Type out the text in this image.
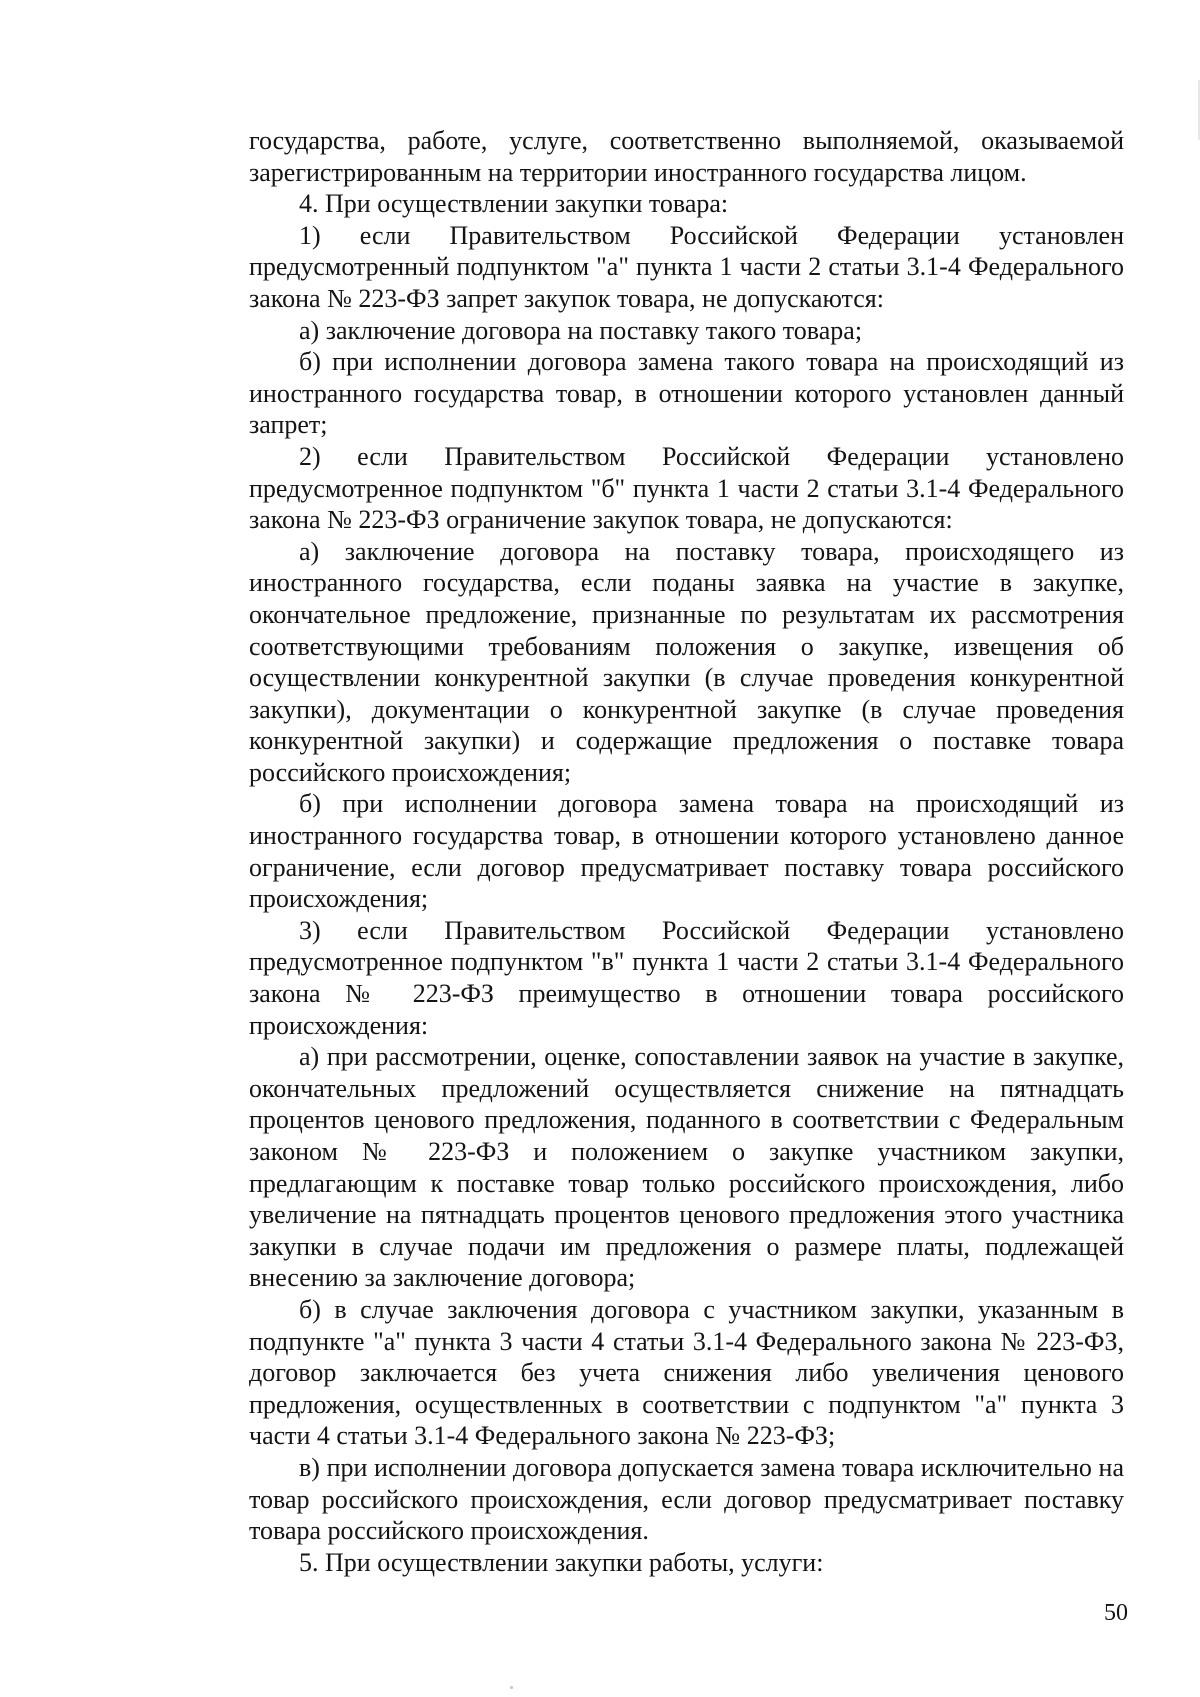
государства, работе, услуге, соответственно выполняемой, оказываемой зарегистрированным на территории иностранного государства лицом.

4. При осуществлении закупки товара:

1) если Правительством Российской Федерации установлен предусмотренный подпунктом "а" пункта 1 части 2 статьи 3.1-4 Федерального закона № 223-ФЗ запрет закупок товара, не допускаются:

а) заключение договора на поставку такого товара;

б) при исполнении договора замена такого товара на происходящий из иностранного государства товар, в отношении которого установлен данный запрет;

2) если Правительством Российской Федерации установлено предусмотренное подпунктом "б" пункта 1 части 2 статьи 3.1-4 Федерального закона № 223-ФЗ ограничение закупок товара, не допускаются:

а) заключение договора на поставку товара, происходящего из иностранного государства, если поданы заявка на участие в закупке, окончательное предложение, признанные по результатам их рассмотрения соответствующими требованиям положения о закупке, извещения об осуществлении конкурентной закупки (в случае проведения конкурентной закупки), документации о конкурентной закупке (в случае проведения конкурентной закупки) и содержащие предложения о поставке товара российского происхождения;

б) при исполнении договора замена товара на происходящий из иностранного государства товар, в отношении которого установлено данное ограничение, если договор предусматривает поставку товара российского происхождения;

3) если Правительством Российской Федерации установлено предусмотренное подпунктом "в" пункта 1 части 2 статьи 3.1-4 Федерального закона № 223-ФЗ преимущество в отношении товара российского происхождения:

а) при рассмотрении, оценке, сопоставлении заявок на участие в закупке, окончательных предложений осуществляется снижение на пятнадцать процентов ценового предложения, поданного в соответствии с Федеральным законом № 223-ФЗ и положением о закупке участником закупки, предлагающим к поставке товар только российского происхождения, либо увеличение на пятнадцать процентов ценового предложения этого участника закупки в случае подачи им предложения о размере платы, подлежащей внесению за заключение договора;

б) в случае заключения договора с участником закупки, указанным в подпункте "а" пункта 3 части 4 статьи 3.1-4 Федерального закона № 223-ФЗ, договор заключается без учета снижения либо увеличения ценового предложения, осуществленных в соответствии с подпунктом "а" пункта 3 части 4 статьи 3.1-4 Федерального закона № 223-ФЗ;

в) при исполнении договора допускается замена товара исключительно на товар российского происхождения, если договор предусматривает поставку товара российского происхождения.

5. При осуществлении закупки работы, услуги:

50
